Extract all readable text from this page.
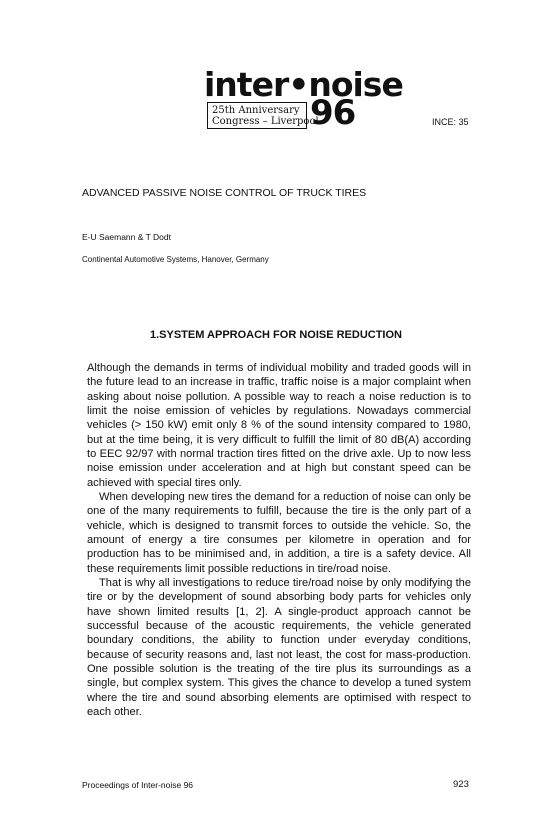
inter•noise
25th Anniversary
Congress – Liverpool
96	INCE: 35
ADVANCED PASSIVE NOISE CONTROL OF TRUCK TIRES
E-U Saemann & T Dodt
Continental Automotive Systems, Hanover, Germany
1.SYSTEM APPROACH FOR NOISE REDUCTION

Although the demands in terms of individual mobility and traded goods will in the future lead to an increase in traffic, traffic noise is a major complaint when asking about noise pollution. A possible way to reach a noise reduction is to limit the noise emission of vehicles by regulations. Nowadays commercial vehicles (> 150 kW) emit only 8 % of the sound intensity compared to 1980, but at the time being, it is very difficult to fulfill the limit of 80 dB(A) according to EEC 92/97 with normal traction tires fitted on the drive axle. Up to now less noise emission under acceleration and at high but constant speed can be achieved with special tires only.

When developing new tires the demand for a reduction of noise can only be one of the many requirements to fulfill, because the tire is the only part of a vehicle, which is designed to transmit forces to outside the vehicle. So, the amount of energy a tire consumes per kilometre in operation and for production has to be minimised and, in addition, a tire is a safety device. All these requirements limit possible reductions in tire/road noise.

That is why all investigations to reduce tire/road noise by only modifying the tire or by the development of sound absorbing body parts for vehicles only have shown limited results [1, 2]. A single-product approach cannot be successful because of the acoustic requirements, the vehicle generated boundary conditions, the ability to function under everyday conditions, because of security reasons and, last not least, the cost for mass-production. One possible solution is the treating of the tire plus its surroundings as a single, but complex system. This gives the chance to develop a tuned system where the tire and sound absorbing elements are optimised with respect to each other.

Proceedings of Inter-noise 96	923
